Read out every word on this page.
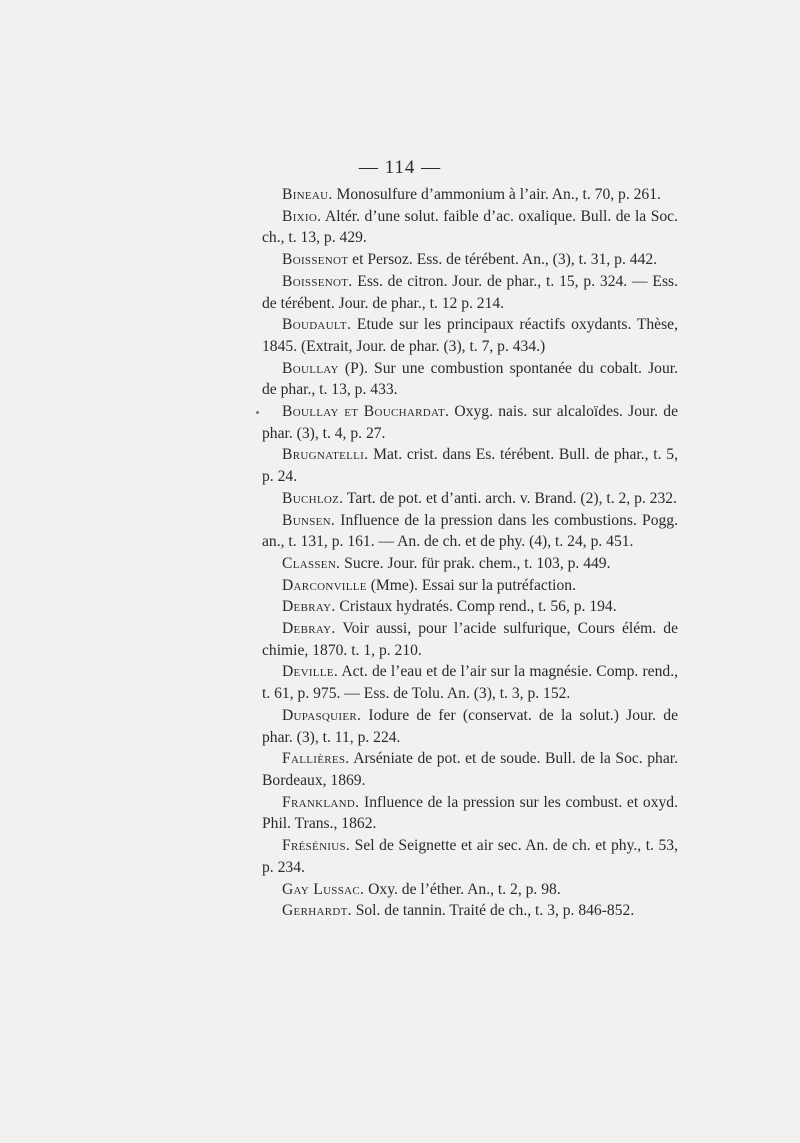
— 114 —

Bineau. Monosulfure d’ammonium à l’air. An., t. 70, p. 261.

Bixio. Altér. d’une solut. faible d’ac. oxalique. Bull. de la Soc. ch., t. 13, p. 429.

Boissenot et Persoz. Ess. de térébent. An., (3), t. 31, p. 442.

Boissenot. Ess. de citron. Jour. de phar., t. 15, p. 324. — Ess. de térébent. Jour. de phar., t. 12 p. 214.

Boudault. Etude sur les principaux réactifs oxydants. Thèse, 1845. (Extrait, Jour. de phar. (3), t. 7, p. 434.)

Boullay (P). Sur une combustion spontanée du cobalt. Jour. de phar., t. 13, p. 433.

Boullay et Bouchardat. Oxyg. nais. sur alcaloïdes. Jour. de phar. (3), t. 4, p. 27.

Brugnatelli. Mat. crist. dans Es. térébent. Bull. de phar., t. 5, p. 24.

Buchloz. Tart. de pot. et d’anti. arch. v. Brand. (2), t. 2, p. 232.

Bunsen. Influence de la pression dans les combustions. Pogg. an., t. 131, p. 161. — An. de ch. et de phy. (4), t. 24, p. 451.

Classen. Sucre. Jour. für prak. chem., t. 103, p. 449.

Darconville (Mme). Essai sur la putréfaction.

Debray. Cristaux hydratés. Comp rend., t. 56, p. 194.

Debray. Voir aussi, pour l’acide sulfurique, Cours élém. de chimie, 1870. t. 1, p. 210.

Deville. Act. de l’eau et de l’air sur la magnésie. Comp. rend., t. 61, p. 975. — Ess. de Tolu. An. (3), t. 3, p. 152.

Dupasquier. Iodure de fer (conservat. de la solut.) Jour. de phar. (3), t. 11, p. 224.

Fallières. Arséniate de pot. et de soude. Bull. de la Soc. phar. Bordeaux, 1869.

Frankland. Influence de la pression sur les combust. et oxyd. Phil. Trans., 1862.

Frésénius. Sel de Seignette et air sec. An. de ch. et phy., t. 53, p. 234.

Gay Lussac. Oxy. de l’éther. An., t. 2, p. 98.

Gerhardt. Sol. de tannin. Traité de ch., t. 3, p. 846-852.
